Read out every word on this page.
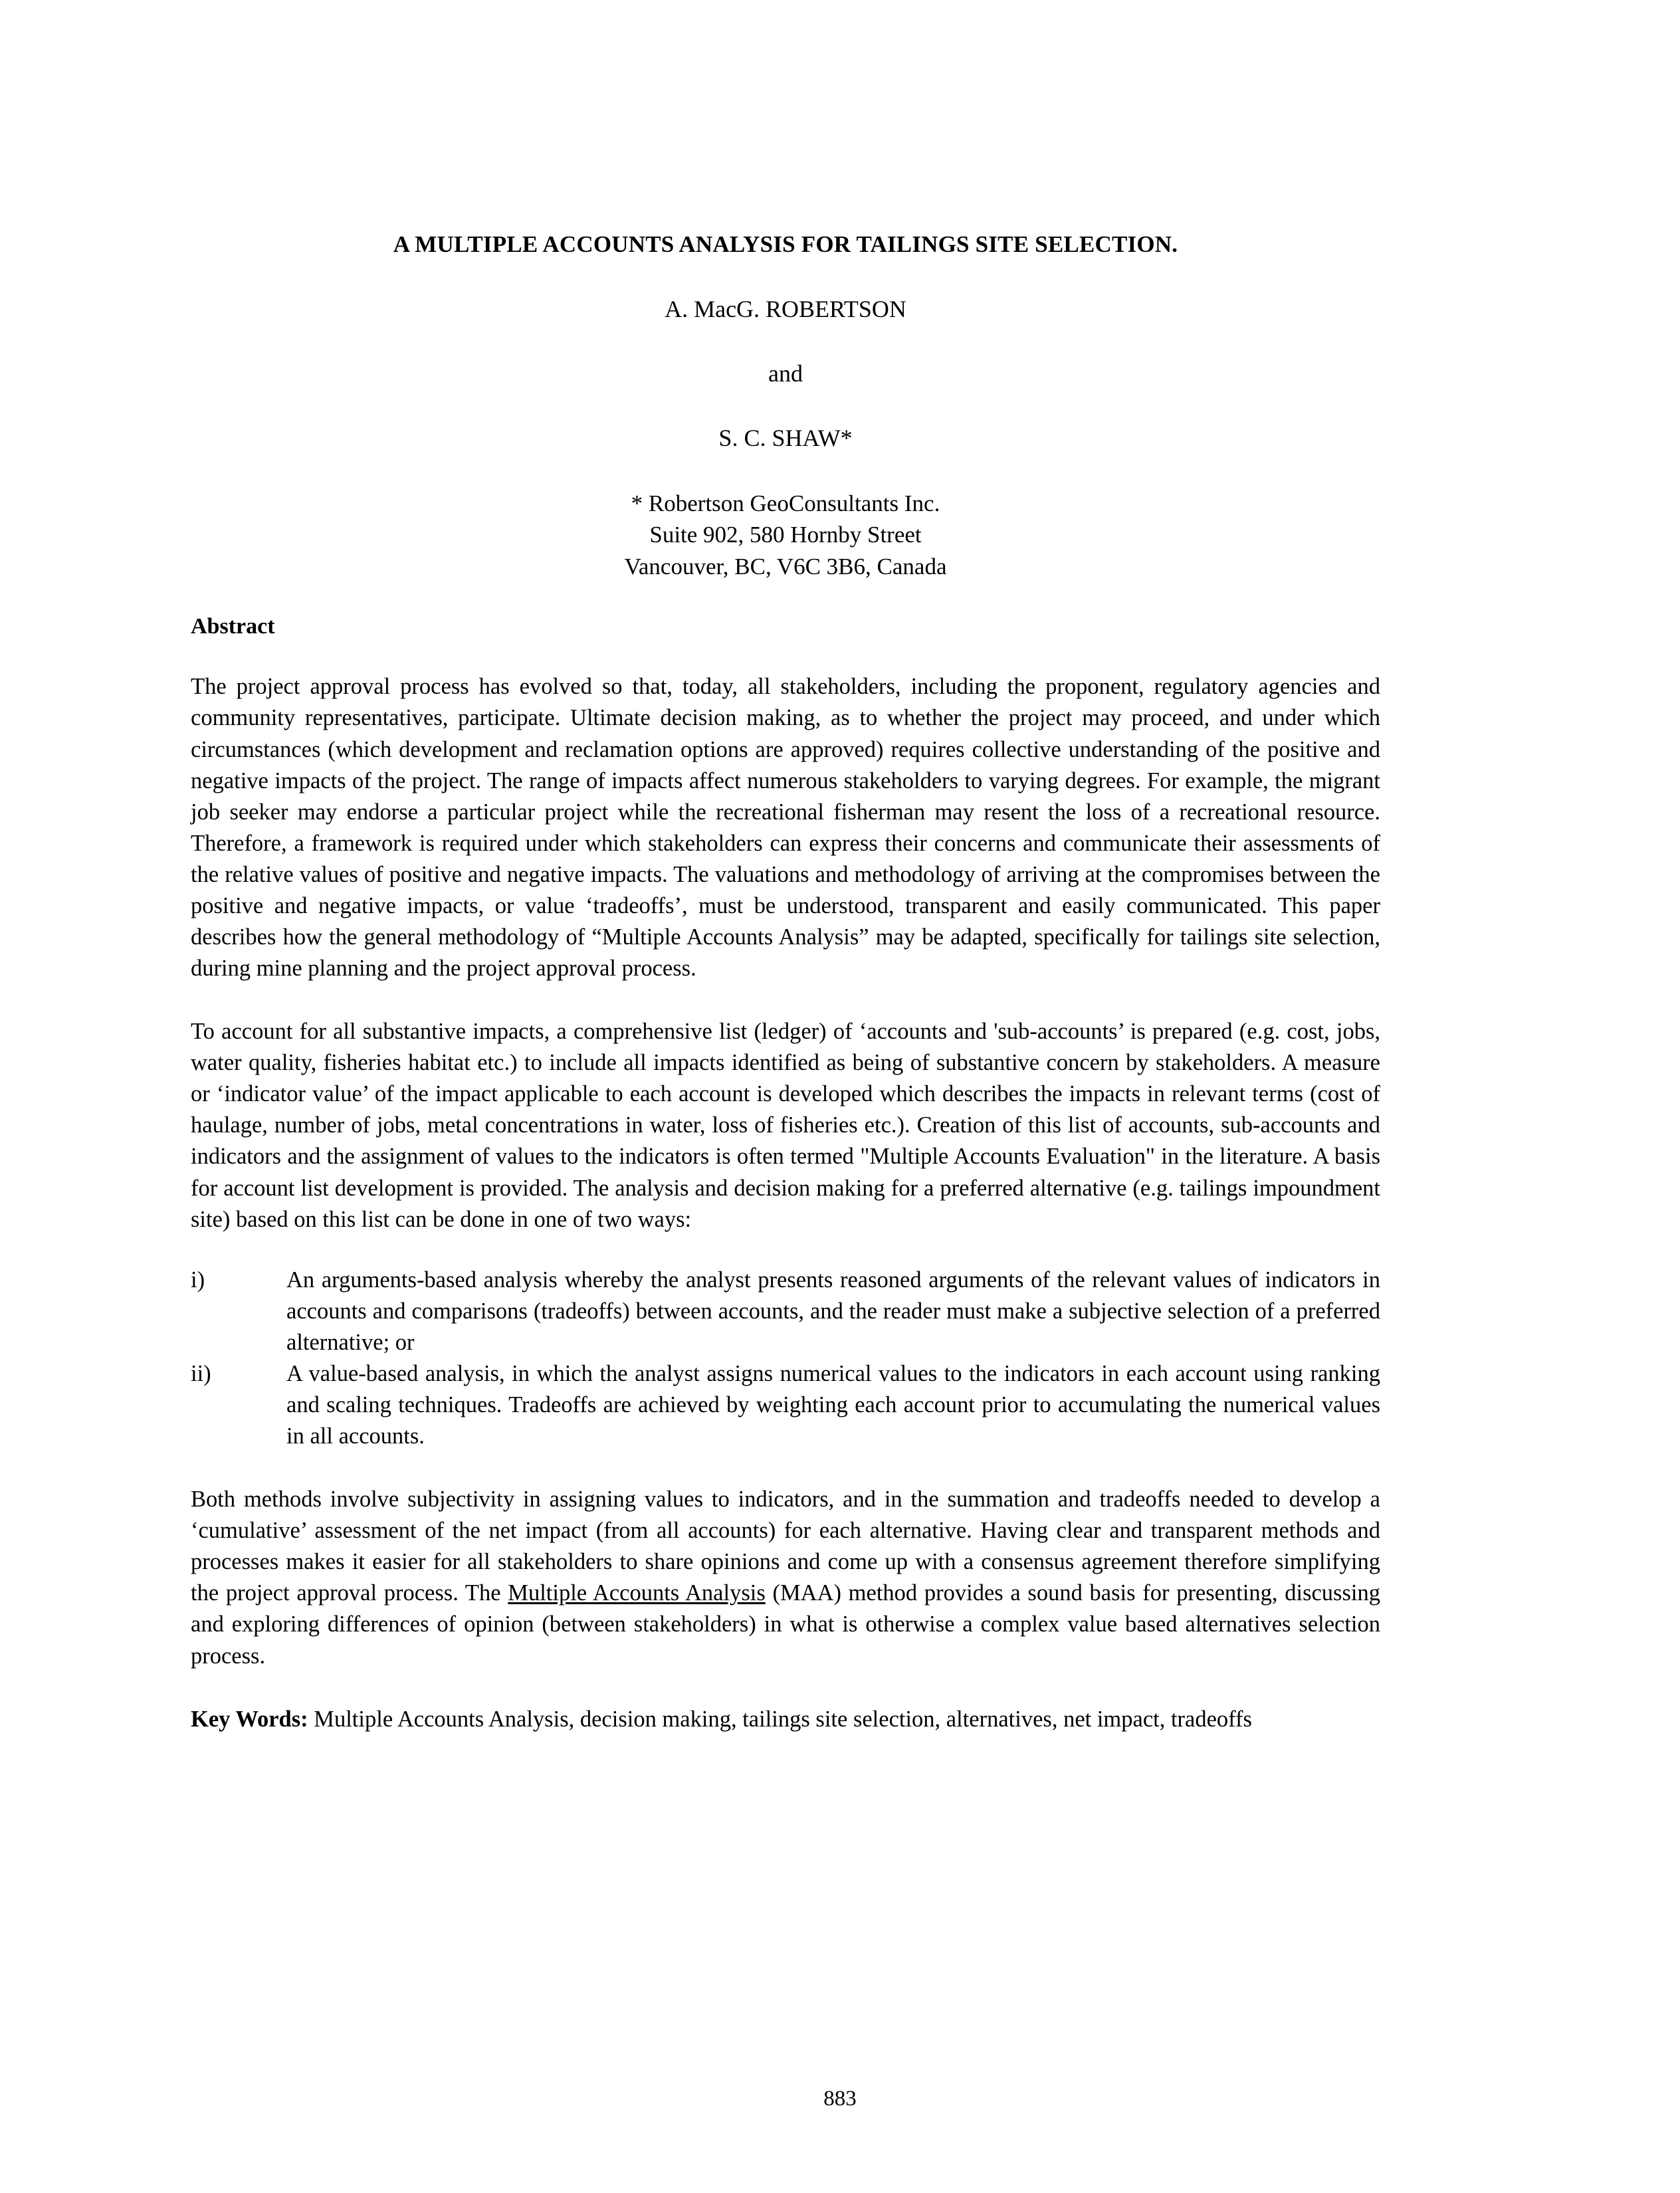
A MULTIPLE ACCOUNTS ANALYSIS FOR TAILINGS SITE SELECTION.
A. MacG. ROBERTSON
and
S. C. SHAW*
* Robertson GeoConsultants Inc.
Suite 902, 580 Hornby Street
Vancouver, BC, V6C 3B6, Canada
Abstract

The project approval process has evolved so that, today, all stakeholders, including the proponent, regulatory agencies and community representatives, participate. Ultimate decision making, as to whether the project may proceed, and under which circumstances (which development and reclamation options are approved) requires collective understanding of the positive and negative impacts of the project. The range of impacts affect numerous stakeholders to varying degrees. For example, the migrant job seeker may endorse a particular project while the recreational fisherman may resent the loss of a recreational resource. Therefore, a framework is required under which stakeholders can express their concerns and communicate their assessments of the relative values of positive and negative impacts. The valuations and methodology of arriving at the compromises between the positive and negative impacts, or value ‘tradeoffs’, must be understood, transparent and easily communicated. This paper describes how the general methodology of “Multiple Accounts Analysis” may be adapted, specifically for tailings site selection, during mine planning and the project approval process.

To account for all substantive impacts, a comprehensive list (ledger) of ‘accounts and 'sub-accounts’ is prepared (e.g. cost, jobs, water quality, fisheries habitat etc.) to include all impacts identified as being of substantive concern by stakeholders. A measure or ‘indicator value’ of the impact applicable to each account is developed which describes the impacts in relevant terms (cost of haulage, number of jobs, metal concentrations in water, loss of fisheries etc.). Creation of this list of accounts, sub-accounts and indicators and the assignment of values to the indicators is often termed "Multiple Accounts Evaluation" in the literature. A basis for account list development is provided. The analysis and decision making for a preferred alternative (e.g. tailings impoundment site) based on this list can be done in one of two ways:

i)	An arguments-based analysis whereby the analyst presents reasoned arguments of the relevant values of indicators in accounts and comparisons (tradeoffs) between accounts, and the reader must make a subjective selection of a preferred alternative; or
ii)	A value-based analysis, in which the analyst assigns numerical values to the indicators in each account using ranking and scaling techniques. Tradeoffs are achieved by weighting each account prior to accumulating the numerical values in all accounts.

Both methods involve subjectivity in assigning values to indicators, and in the summation and tradeoffs needed to develop a ‘cumulative’ assessment of the net impact (from all accounts) for each alternative. Having clear and transparent methods and processes makes it easier for all stakeholders to share opinions and come up with a consensus agreement therefore simplifying the project approval process. The Multiple Accounts Analysis (MAA) method provides a sound basis for presenting, discussing and exploring differences of opinion (between stakeholders) in what is otherwise a complex value based alternatives selection process.

Key Words: Multiple Accounts Analysis, decision making, tailings site selection, alternatives, net impact, tradeoffs
883
